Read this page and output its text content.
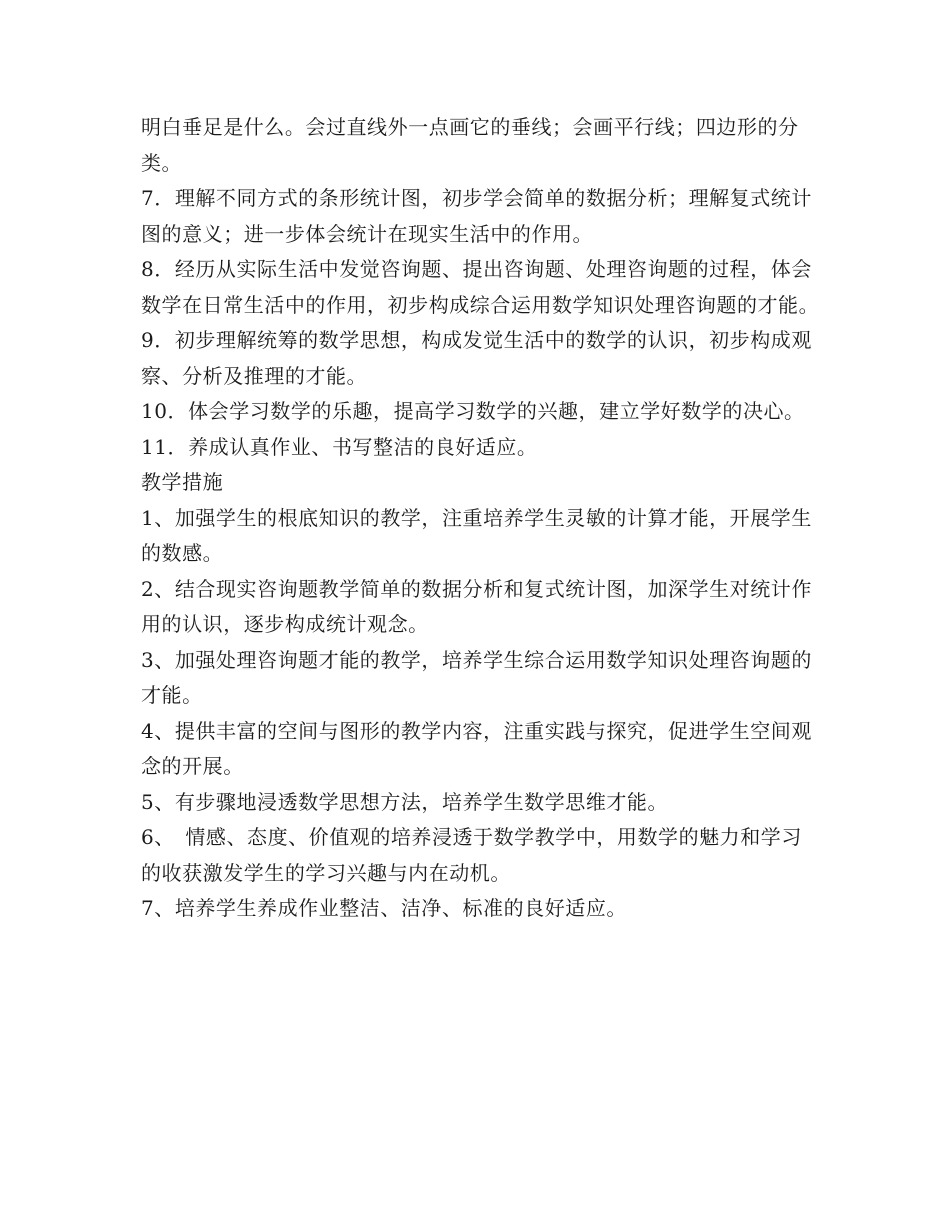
明白垂足是什么。会过直线外一点画它的垂线；会画平行线；四边形的分类。

7．理解不同方式的条形统计图，初步学会简单的数据分析；理解复式统计图的意义；进一步体会统计在现实生活中的作用。

8．经历从实际生活中发觉咨询题、提出咨询题、处理咨询题的过程，体会数学在日常生活中的作用，初步构成综合运用数学知识处理咨询题的才能。

9．初步理解统筹的数学思想，构成发觉生活中的数学的认识，初步构成观察、分析及推理的才能。

10．体会学习数学的乐趣，提高学习数学的兴趣，建立学好数学的决心。

11．养成认真作业、书写整洁的良好适应。

教学措施

1、加强学生的根底知识的教学，注重培养学生灵敏的计算才能，开展学生的数感。

2、结合现实咨询题教学简单的数据分析和复式统计图，加深学生对统计作用的认识，逐步构成统计观念。

3、加强处理咨询题才能的教学，培养学生综合运用数学知识处理咨询题的才能。

4、提供丰富的空间与图形的教学内容，注重实践与探究，促进学生空间观念的开展。

5、有步骤地浸透数学思想方法，培养学生数学思维才能。

6、　情感、态度、价值观的培养浸透于数学教学中，用数学的魅力和学习的收获激发学生的学习兴趣与内在动机。

7、培养学生养成作业整洁、洁净、标准的良好适应。
